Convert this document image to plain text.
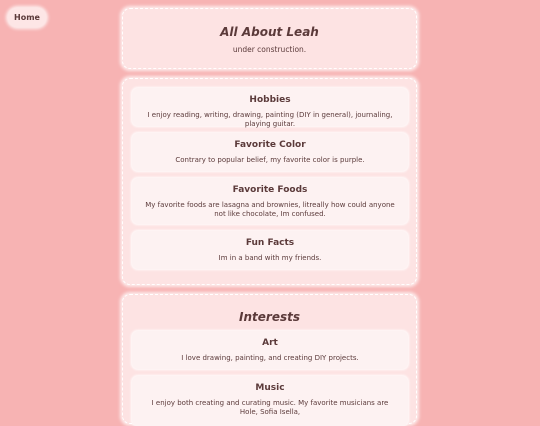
Home
All About Leah
under construction.
Hobbies
I enjoy reading, writing, drawing, painting (DIY in general), journaling, playing guitar.
Favorite Color
Contrary to popular belief, my favorite color is purple.
Favorite Foods
My favorite foods are lasagna and brownies, litreally how could anyone not like chocolate, Im confused.
Fun Facts
Im in a band with my friends.
Interests
Art
I love drawing, painting, and creating DIY projects.
Music
I enjoy both creating and curating music. My favorite musicians are Hole, Sofia Isella,
